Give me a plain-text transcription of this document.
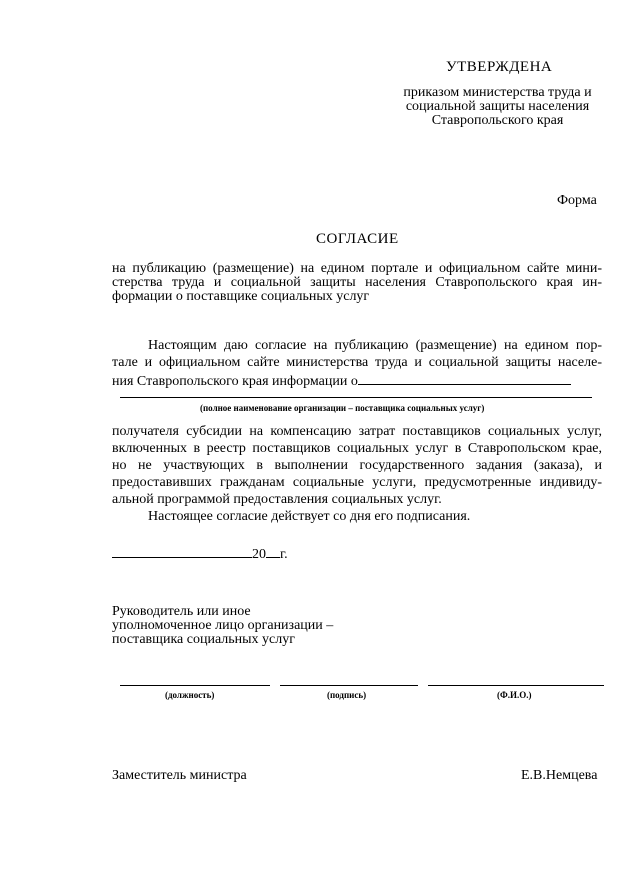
УТВЕРЖДЕНА
приказом министерства труда и
социальной защиты населения
Ставропольского края
Форма
СОГЛАСИЕ
на публикацию (размещение) на едином портале и официальном сайте мини-
стерства труда и социальной защиты населения Ставропольского края ин-
формации о поставщике социальных услуг
Настоящим даю согласие на публикацию (размещение) на едином пор-
тале и официальном сайте министерства труда и социальной защиты населе-
ния Ставропольского края информации о
(полное наименование организации – поставщика социальных услуг)
получателя субсидии на компенсацию затрат поставщиков социальных услуг,
включенных в реестр поставщиков социальных услуг в Ставропольском крае,
но не участвующих в выполнении государственного задания (заказа), и
предоставивших гражданам социальные услуги, предусмотренные индивиду-
альной программой предоставления социальных услуг.
Настоящее согласие действует со дня его подписания.
20 г.
Руководитель или иное
уполномоченное лицо организации –
поставщика социальных услуг
(должность)	(подпись)	(Ф.И.О.)
Заместитель министра	Е.В.Немцева
